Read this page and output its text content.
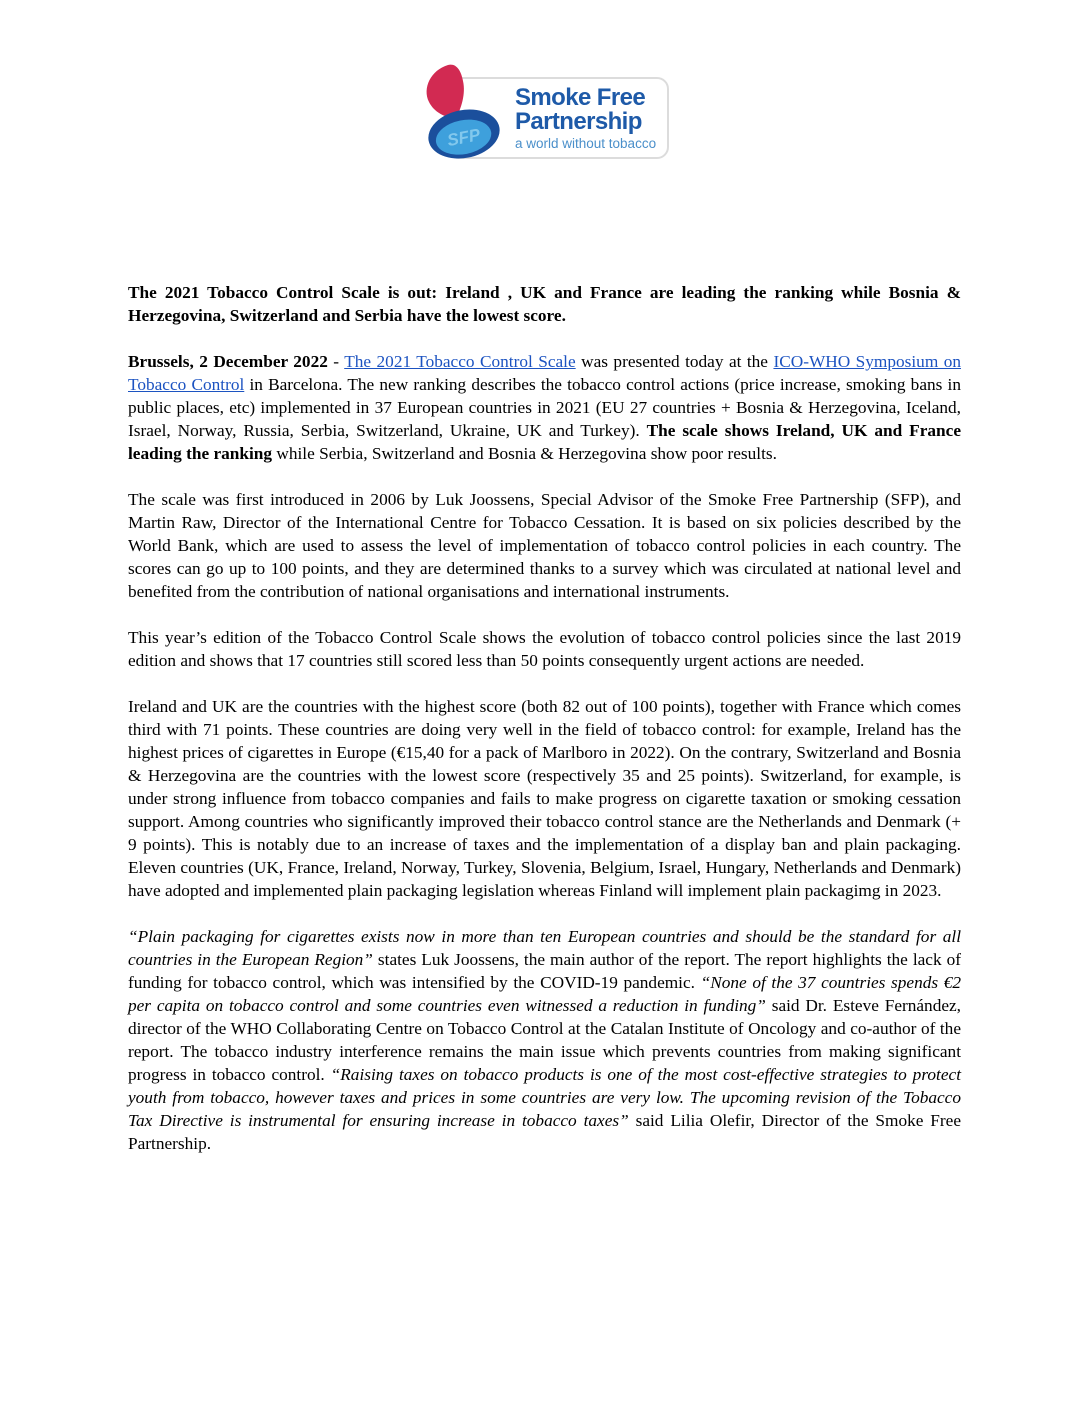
Smoke Free
Partnership
a world without tobacco
SFP

The 2021 Tobacco Control Scale is out: Ireland , UK and France are leading the ranking while Bosnia & Herzegovina, Switzerland and Serbia have the lowest score.

Brussels, 2 December 2022 - The 2021 Tobacco Control Scale was presented today at the ICO-WHO Symposium on Tobacco Control in Barcelona. The new ranking describes the tobacco control actions (price increase, smoking bans in public places, etc) implemented in 37 European countries in 2021 (EU 27 countries + Bosnia & Herzegovina, Iceland, Israel, Norway, Russia, Serbia, Switzerland, Ukraine, UK and Turkey). The scale shows Ireland, UK and France leading the ranking while Serbia, Switzerland and Bosnia & Herzegovina show poor results.

The scale was first introduced in 2006 by Luk Joossens, Special Advisor of the Smoke Free Partnership (SFP), and Martin Raw, Director of the International Centre for Tobacco Cessation. It is based on six policies described by the World Bank, which are used to assess the level of implementation of tobacco control policies in each country. The scores can go up to 100 points, and they are determined thanks to a survey which was circulated at national level and benefited from the contribution of national organisations and international instruments.

This year’s edition of the Tobacco Control Scale shows the evolution of tobacco control policies since the last 2019 edition and shows that 17 countries still scored less than 50 points consequently urgent actions are needed.

Ireland and UK are the countries with the highest score (both 82 out of 100 points), together with France which comes third with 71 points. These countries are doing very well in the field of tobacco control: for example, Ireland has the highest prices of cigarettes in Europe (€15,40 for a pack of Marlboro in 2022). On the contrary, Switzerland and Bosnia & Herzegovina are the countries with the lowest score (respectively 35 and 25 points). Switzerland, for example, is under strong influence from tobacco companies and fails to make progress on cigarette taxation or smoking cessation support. Among countries who significantly improved their tobacco control stance are the Netherlands and Denmark (+ 9 points). This is notably due to an increase of taxes and the implementation of a display ban and plain packaging. Eleven countries (UK, France, Ireland, Norway, Turkey, Slovenia, Belgium, Israel, Hungary, Netherlands and Denmark) have adopted and implemented plain packaging legislation whereas Finland will implement plain packagimg in 2023.

“Plain packaging for cigarettes exists now in more than ten European countries and should be the standard for all countries in the European Region” states Luk Joossens, the main author of the report. The report highlights the lack of funding for tobacco control, which was intensified by the COVID-19 pandemic. “None of the 37 countries spends €2 per capita on tobacco control and some countries even witnessed a reduction in funding” said Dr. Esteve Fernández, director of the WHO Collaborating Centre on Tobacco Control at the Catalan Institute of Oncology and co-author of the report. The tobacco industry interference remains the main issue which prevents countries from making significant progress in tobacco control. “Raising taxes on tobacco products is one of the most cost-effective strategies to protect youth from tobacco, however taxes and prices in some countries are very low. The upcoming revision of the Tobacco Tax Directive is instrumental for ensuring increase in tobacco taxes” said Lilia Olefir, Director of the Smoke Free Partnership.
